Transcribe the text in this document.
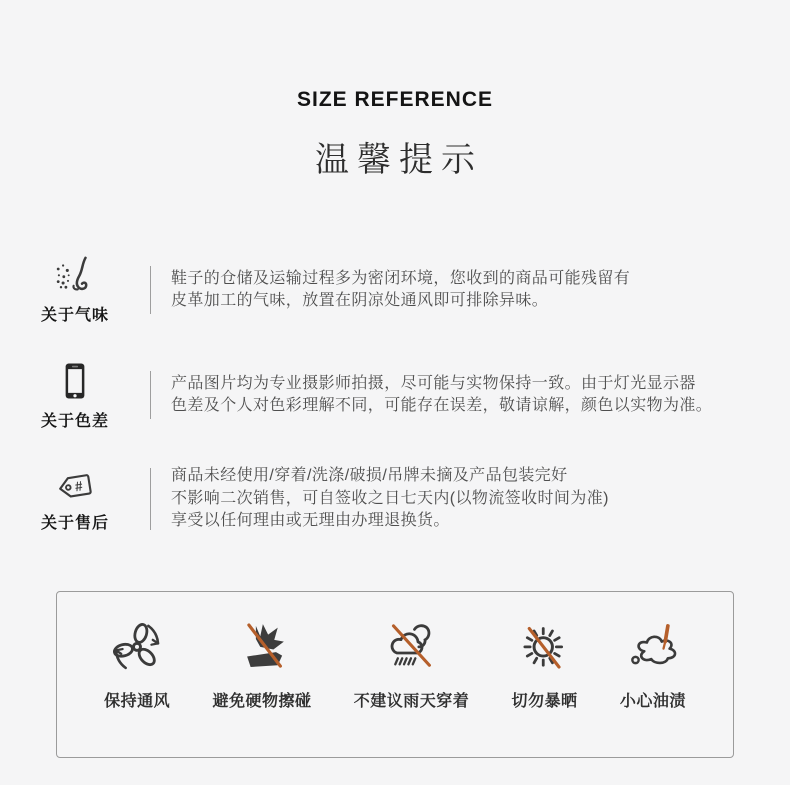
SIZE REFERENCE
温馨提示
关于气味
鞋子的仓储及运输过程多为密闭环境，您收到的商品可能残留有
皮革加工的气味，放置在阴凉处通风即可排除异味。
关于色差
产品图片均为专业摄影师拍摄，尽可能与实物保持一致。由于灯光显示器
色差及个人对色彩理解不同，可能存在误差，敬请谅解，颜色以实物为准。
#
关于售后
商品未经使用/穿着/洗涤/破损/吊牌未摘及产品包装完好
不影响二次销售，可自签收之日七天内(以物流签收时间为准)
享受以任何理由或无理由办理退换货。
保持通风	避免硬物擦碰	不建议雨天穿着	切勿暴晒	小心油渍
